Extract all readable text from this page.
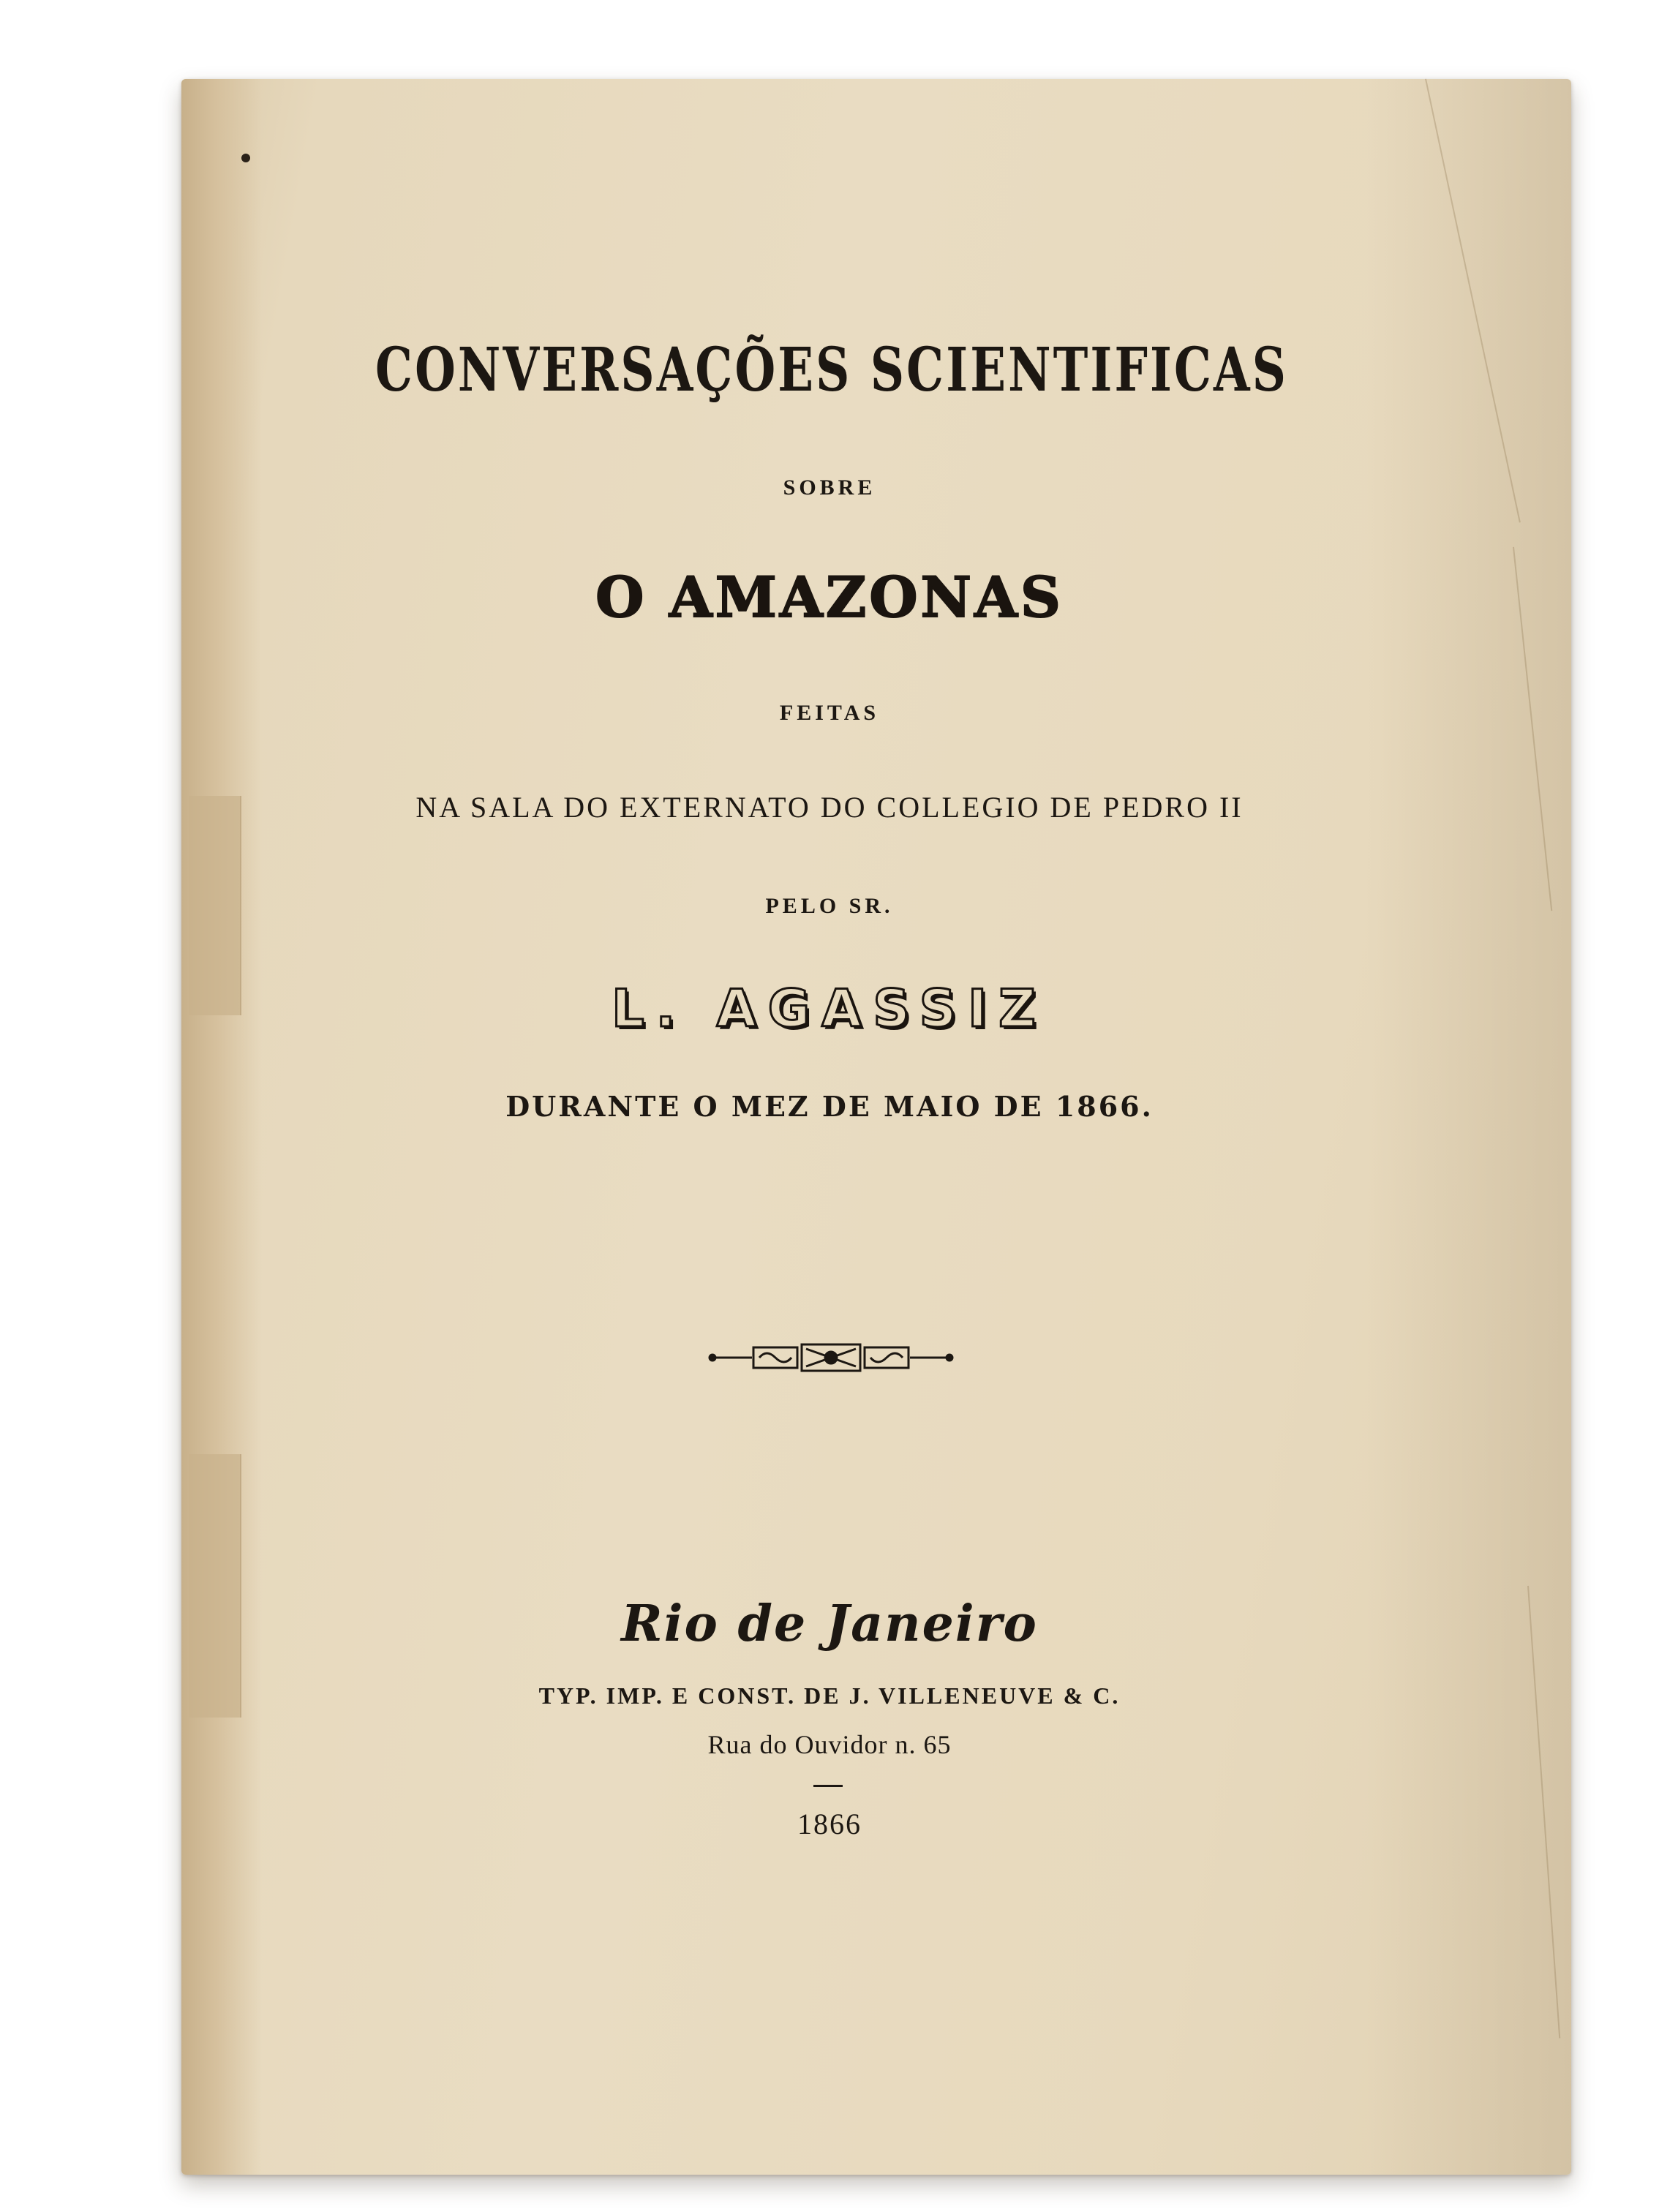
CONVERSAÇÕES SCIENTIFICAS
SOBRE
O AMAZONAS
FEITAS
NA SALA DO EXTERNATO DO COLLEGIO DE PEDRO II
PELO SR.
L. AGASSIZ
DURANTE O MEZ DE MAIO DE 1866.
Rio de Janeiro
TYP. IMP. E CONST. DE J. VILLENEUVE & C.
Rua do Ouvidor n. 65
1866
